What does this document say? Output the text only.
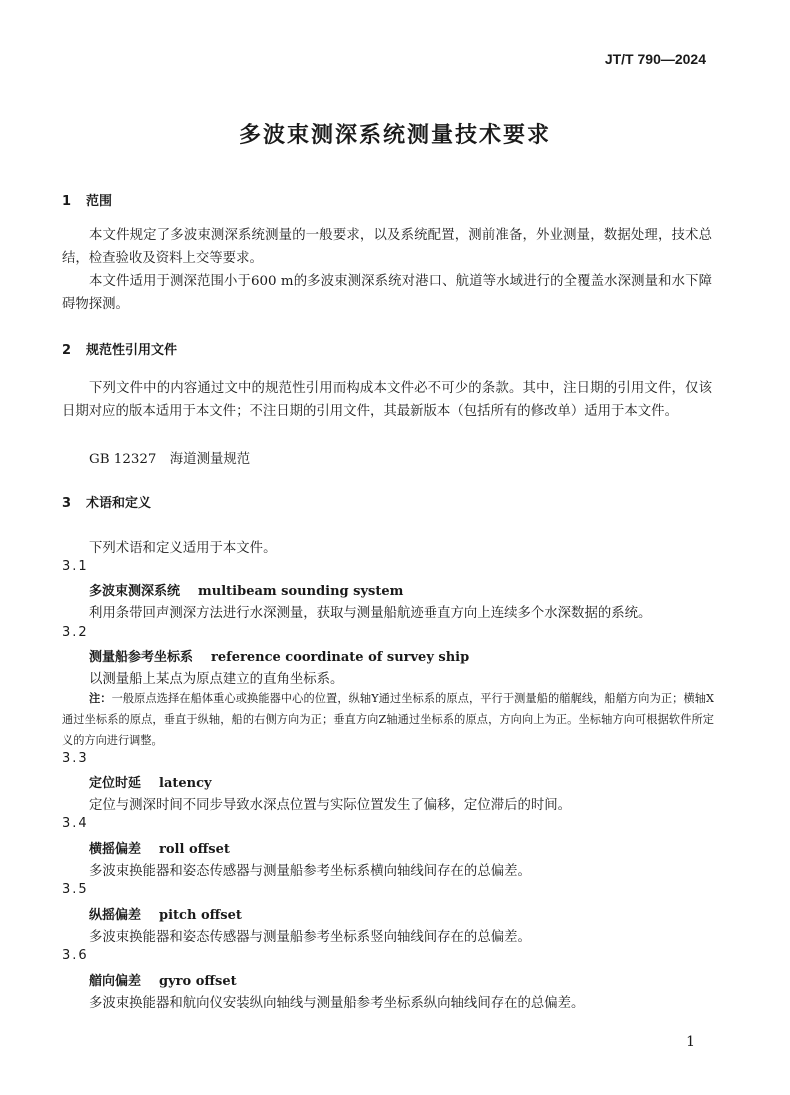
JT/T 790—2024
多波束测深系统测量技术要求
1 范围
本文件规定了多波束测深系统测量的一般要求，以及系统配置，测前准备，外业测量，数据处理，技术总结，检查验收及资料上交等要求。
本文件适用于测深范围小于600 m的多波束测深系统对港口、航道等水域进行的全覆盖水深测量和水下障碍物探测。
2 规范性引用文件
下列文件中的内容通过文中的规范性引用而构成本文件必不可少的条款。其中，注日期的引用文件，仅该日期对应的版本适用于本文件；不注日期的引用文件，其最新版本（包括所有的修改单）适用于本文件。
GB 12327　海道测量规范
3 术语和定义
下列术语和定义适用于本文件。
3.1
多波束测深系统 multibeam sounding system
利用条带回声测深方法进行水深测量，获取与测量船航迹垂直方向上连续多个水深数据的系统。
3.2
测量船参考坐标系 reference coordinate of survey ship
以测量船上某点为原点建立的直角坐标系。
注：一般原点选择在船体重心或换能器中心的位置，纵轴Y通过坐标系的原点，平行于测量船的艏艉线，船艏方向为正；横轴X通过坐标系的原点，垂直于纵轴，船的右侧方向为正；垂直方向Z轴通过坐标系的原点，方向向上为正。坐标轴方向可根据软件所定义的方向进行调整。
3.3
定位时延 latency
定位与测深时间不同步导致水深点位置与实际位置发生了偏移，定位滞后的时间。
3.4
横摇偏差 roll offset
多波束换能器和姿态传感器与测量船参考坐标系横向轴线间存在的总偏差。
3.5
纵摇偏差 pitch offset
多波束换能器和姿态传感器与测量船参考坐标系竖向轴线间存在的总偏差。
3.6
艏向偏差 gyro offset
多波束换能器和航向仪安装纵向轴线与测量船参考坐标系纵向轴线间存在的总偏差。
1
